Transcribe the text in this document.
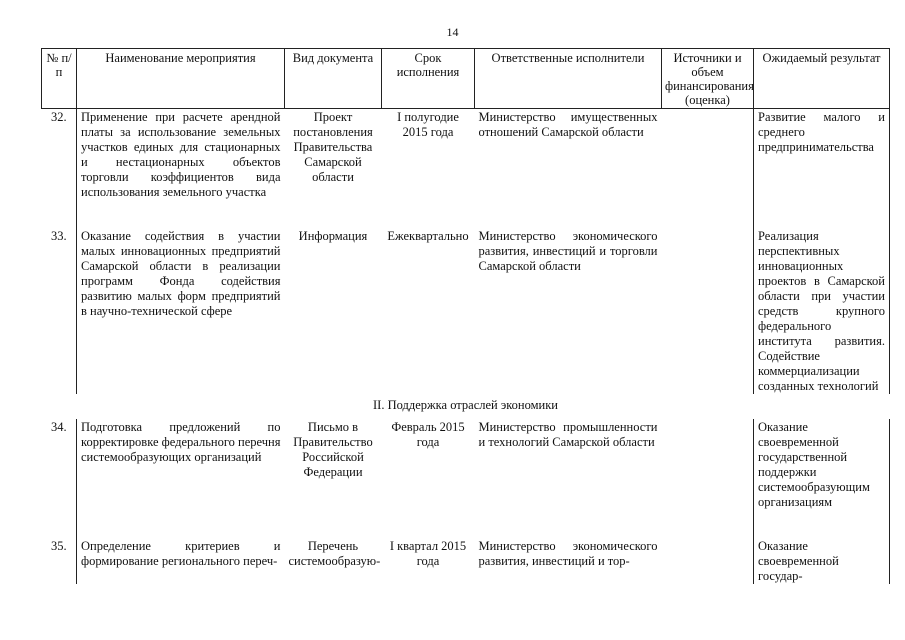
14
№ п/п	Наименование мероприятия	Вид документа	Срок исполнения	Ответственные исполнители	Источники и объем финансирования (оценка)	Ожидаемый результат
32.	Применение при расчете арендной платы за использование земельных участков единых для стационарных и нестационарных объектов торговли коэффициентов вида использования земельного участка	Проект постановления Правительства Самарской области	I полугодие 2015 года	Министерство имущественных отношений Самарской области		Развитие малого и среднего предпринимательства

33.	Оказание содействия в участии малых инновационных предприятий Самарской области в реализации программ Фонда содействия развитию малых форм предприятий в научно-технической сфере	Информация	Ежеквартально	Министерство экономического развития, инвестиций и торговли Самарской области		Реализация перспективных инновационных проектов в Самарской области при участии средств крупного федерального института развития. Содействие коммерциализации созданных технологий
II. Поддержка отраслей экономики						
34.	Подготовка предложений по корректировке федерального перечня системообразующих организаций	Письмо в Правительство Российской Федерации	Февраль 2015 года	Министерство промышленности и технологий Самарской области		Оказание своевременной государственной поддержки системообразующим организациям

35.	Определение критериев и формирование регионального переч-	Перечень системообразую-	I квартал 2015 года	Министерство экономического развития, инвестиций и тор-		Оказание своевременной государ-
